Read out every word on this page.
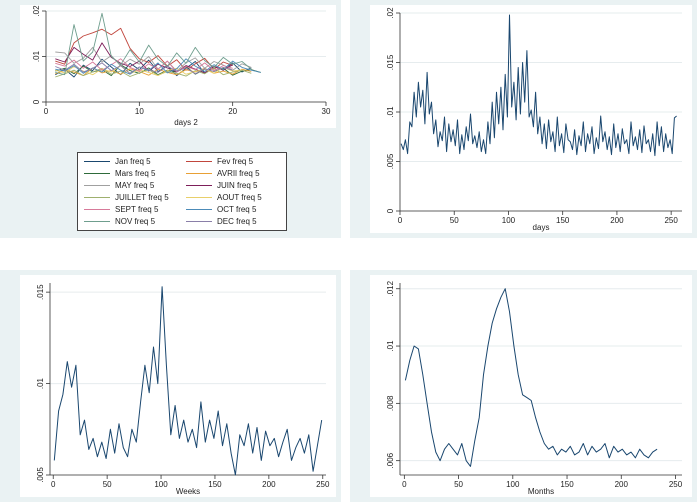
0
.01
.02
0	10	20	30
days 2
Jan freq 5	Fev freq 5
Mars freq 5	AVRIl freq 5
MAY freq 5	JUIN freq 5
JUILLET freq 5	AOUT freq 5
SEPT freq 5	OCT freq 5
NOV freq 5	DEC freq 5
0
.005
.01
.015
.02
0	50	100	150	200	250
days
.005
.01
.015
0	50	100	150	200	250
Weeks
.006
.008
.01
.012
0	50	100	150	200	250
Months
